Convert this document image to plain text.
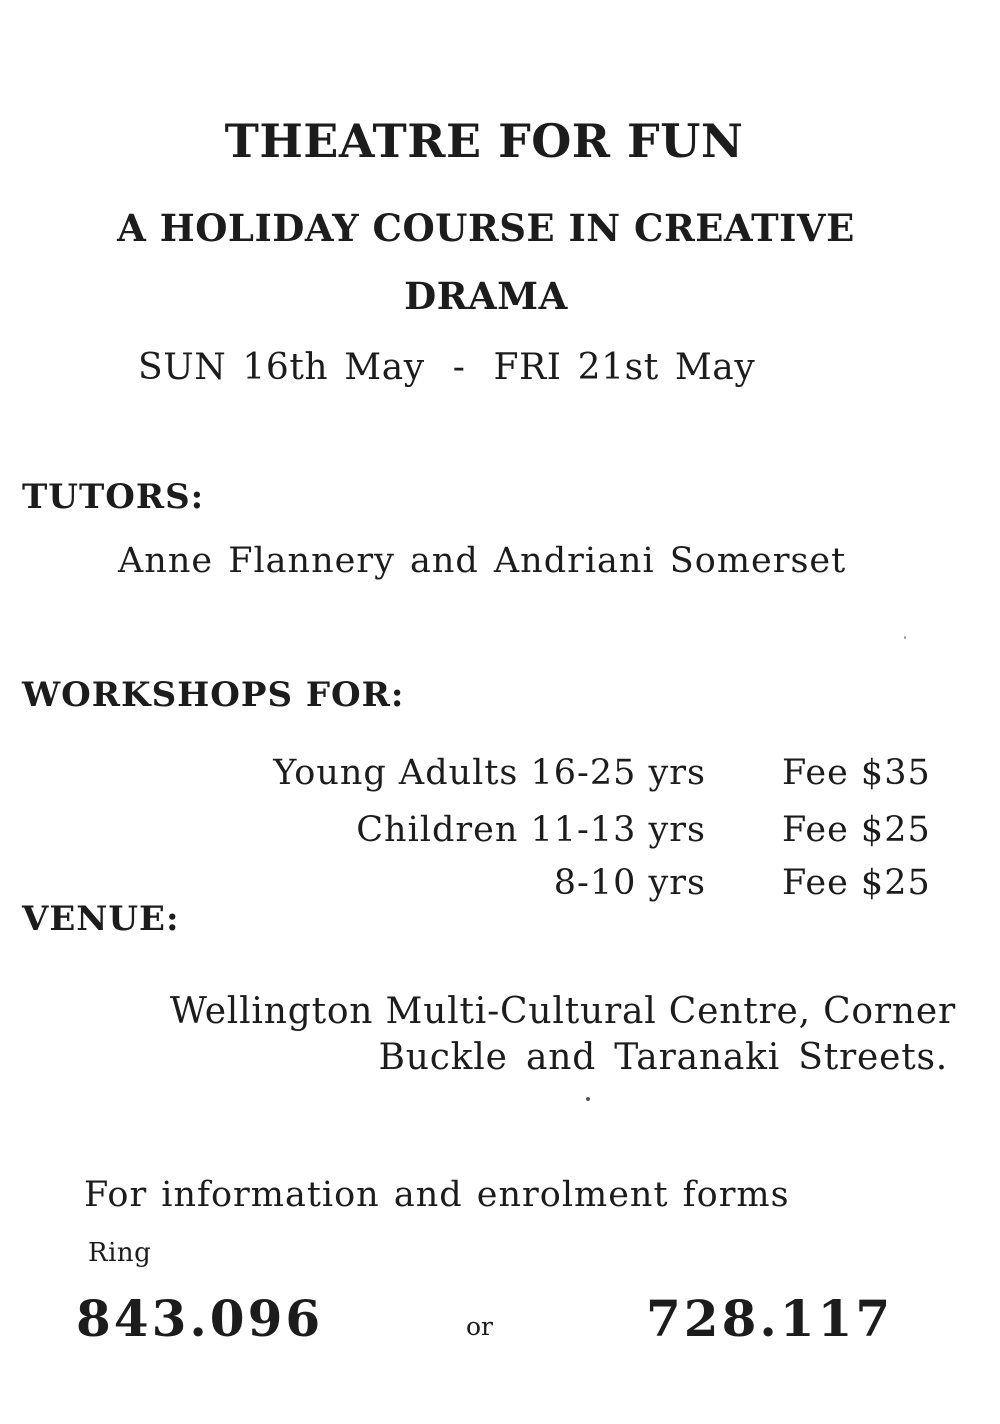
THEATRE FOR FUN
A HOLIDAY COURSE IN CREATIVE
DRAMA
SUN 16th May - FRI 21st May
TUTORS:
Anne Flannery and Andriani Somerset
WORKSHOPS FOR:
Young Adults 16-25 yrs Fee $35
Children 11-13 yrs Fee $25
8-10 yrs Fee $25
VENUE:
Wellington Multi-Cultural Centre, Corner
Buckle and Taranaki Streets.
For information and enrolment forms
Ring
843.096	or	728.117
